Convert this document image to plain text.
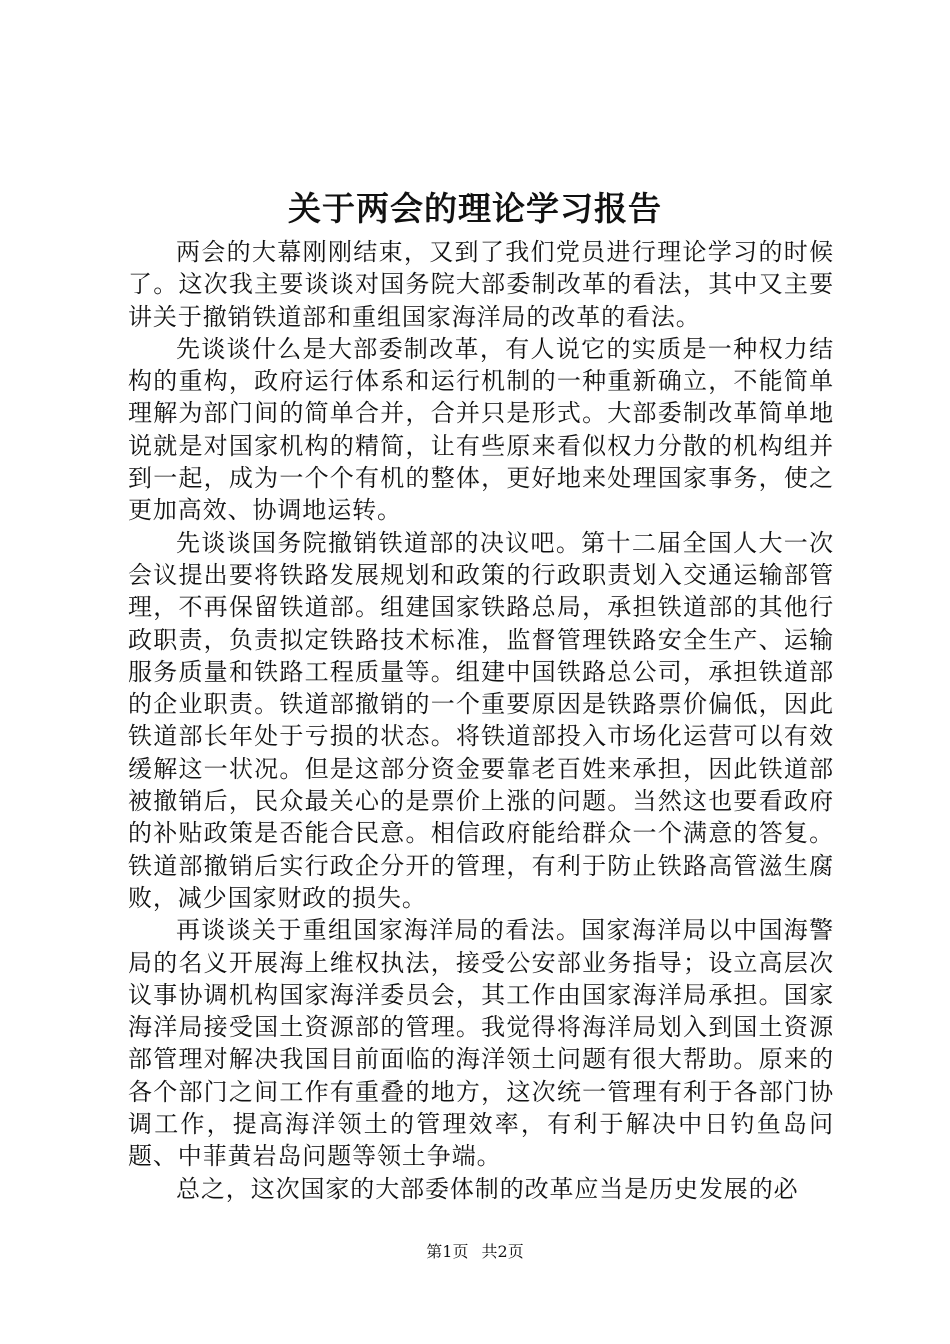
关于两会的理论学习报告

两会的大幕刚刚结束，又到了我们党员进行理论学习的时候了。这次我主要谈谈对国务院大部委制改革的看法，其中又主要讲关于撤销铁道部和重组国家海洋局的改革的看法。

先谈谈什么是大部委制改革，有人说它的实质是一种权力结构的重构，政府运行体系和运行机制的一种重新确立，不能简单理解为部门间的简单合并，合并只是形式。大部委制改革简单地说就是对国家机构的精简，让有些原来看似权力分散的机构组并到一起，成为一个个有机的整体，更好地来处理国家事务，使之更加高效、协调地运转。

先谈谈国务院撤销铁道部的决议吧。第十二届全国人大一次会议提出要将铁路发展规划和政策的行政职责划入交通运输部管理，不再保留铁道部。组建国家铁路总局，承担铁道部的其他行政职责，负责拟定铁路技术标准，监督管理铁路安全生产、运输服务质量和铁路工程质量等。组建中国铁路总公司，承担铁道部的企业职责。铁道部撤销的一个重要原因是铁路票价偏低，因此铁道部长年处于亏损的状态。将铁道部投入市场化运营可以有效缓解这一状况。但是这部分资金要靠老百姓来承担，因此铁道部被撤销后，民众最关心的是票价上涨的问题。当然这也要看政府的补贴政策是否能合民意。相信政府能给群众一个满意的答复。铁道部撤销后实行政企分开的管理，有利于防止铁路高管滋生腐败，减少国家财政的损失。

再谈谈关于重组国家海洋局的看法。国家海洋局以中国海警局的名义开展海上维权执法，接受公安部业务指导；设立高层次议事协调机构国家海洋委员会，其工作由国家海洋局承担。国家海洋局接受国土资源部的管理。我觉得将海洋局划入到国土资源部管理对解决我国目前面临的海洋领土问题有很大帮助。原来的各个部门之间工作有重叠的地方，这次统一管理有利于各部门协调工作，提高海洋领土的管理效率，有利于解决中日钓鱼岛问题、中菲黄岩岛问题等领土争端。

总之，这次国家的大部委体制的改革应当是历史发展的必

第1页 共2页
